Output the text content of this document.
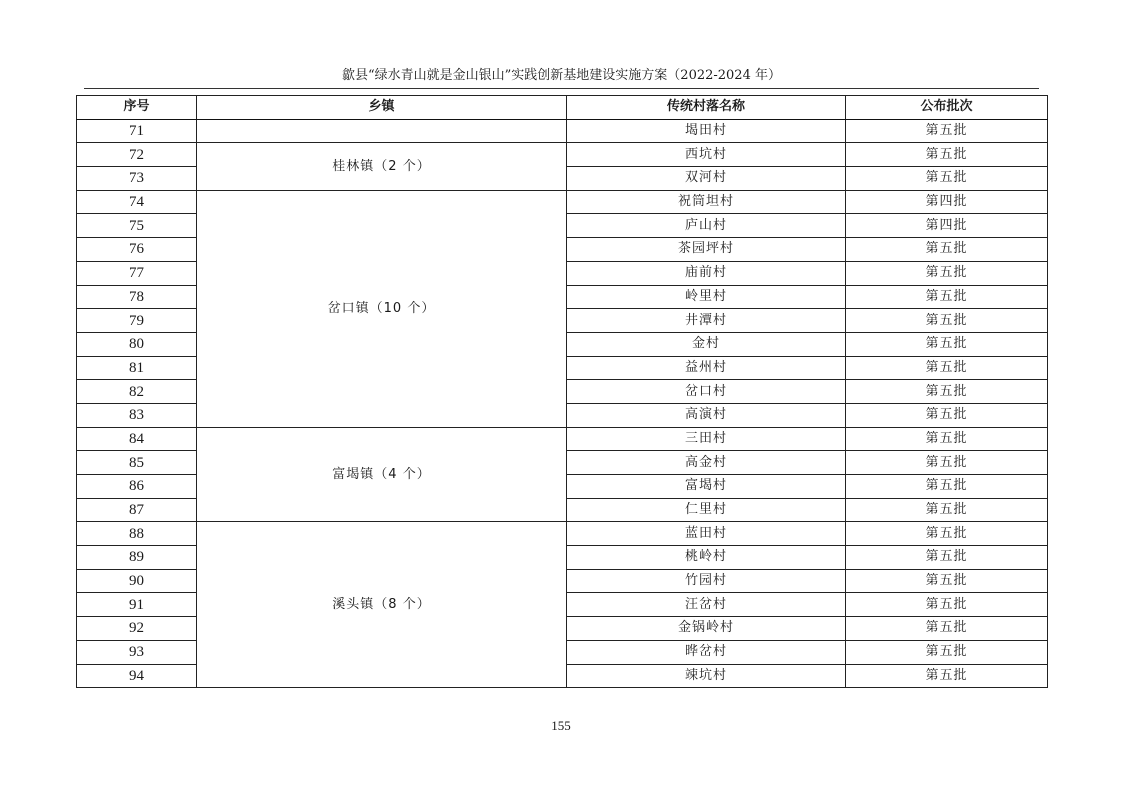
歙县“绿水青山就是金山银山”实践创新基地建设实施方案（2022-2024 年）
序号	乡镇	传统村落名称	公布批次
71		堨田村	第五批
72	桂林镇（2 个）	西坑村	第五批
73		双河村	第五批
74	岔口镇（10 个）	祝筒坦村	第四批
75		庐山村	第四批
76		茶园坪村	第五批
77		庙前村	第五批
78		岭里村	第五批
79		井潭村	第五批
80		金村	第五批
81		益州村	第五批
82		岔口村	第五批
83		高演村	第五批
84	富堨镇（4 个）	三田村	第五批
85		高金村	第五批
86		富堨村	第五批
87		仁里村	第五批
88	溪头镇（8 个）	蓝田村	第五批
89		桃岭村	第五批
90		竹园村	第五批
91		汪岔村	第五批
92		金锅岭村	第五批
93		晔岔村	第五批
94		竦坑村	第五批
155
